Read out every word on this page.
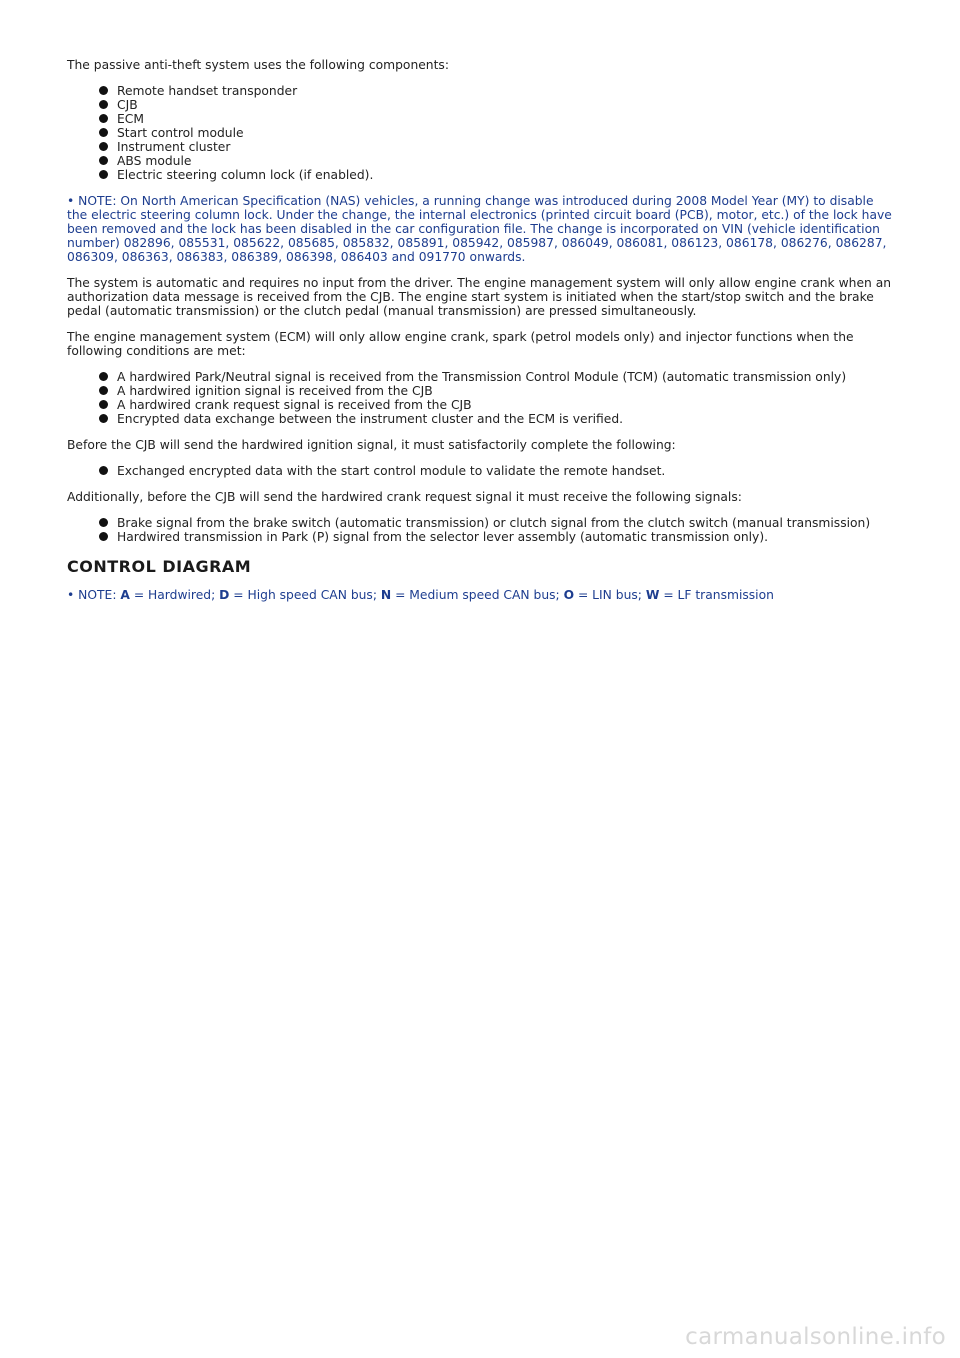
The passive anti-theft system uses the following components:

Remote handset transponder
CJB
ECM
Start control module
Instrument cluster
ABS module
Electric steering column lock (if enabled).

• NOTE: On North American Specification (NAS) vehicles, a running change was introduced during 2008 Model Year (MY) to disable the electric steering column lock. Under the change, the internal electronics (printed circuit board (PCB), motor, etc.) of the lock have been removed and the lock has been disabled in the car configuration file. The change is incorporated on VIN (vehicle identification number) 082896, 085531, 085622, 085685, 085832, 085891, 085942, 085987, 086049, 086081, 086123, 086178, 086276, 086287, 086309, 086363, 086383, 086389, 086398, 086403 and 091770 onwards.

The system is automatic and requires no input from the driver. The engine management system will only allow engine crank when an authorization data message is received from the CJB. The engine start system is initiated when the start/stop switch and the brake pedal (automatic transmission) or the clutch pedal (manual transmission) are pressed simultaneously.

The engine management system (ECM) will only allow engine crank, spark (petrol models only) and injector functions when the following conditions are met:

A hardwired Park/Neutral signal is received from the Transmission Control Module (TCM) (automatic transmission only)
A hardwired ignition signal is received from the CJB
A hardwired crank request signal is received from the CJB
Encrypted data exchange between the instrument cluster and the ECM is verified.

Before the CJB will send the hardwired ignition signal, it must satisfactorily complete the following:

Exchanged encrypted data with the start control module to validate the remote handset.

Additionally, before the CJB will send the hardwired crank request signal it must receive the following signals:

Brake signal from the brake switch (automatic transmission) or clutch signal from the clutch switch (manual transmission)
Hardwired transmission in Park (P) signal from the selector lever assembly (automatic transmission only).
CONTROL DIAGRAM

• NOTE: A = Hardwired; D = High speed CAN bus; N = Medium speed CAN bus; O = LIN bus; W = LF transmission

carmanualsonline.info
